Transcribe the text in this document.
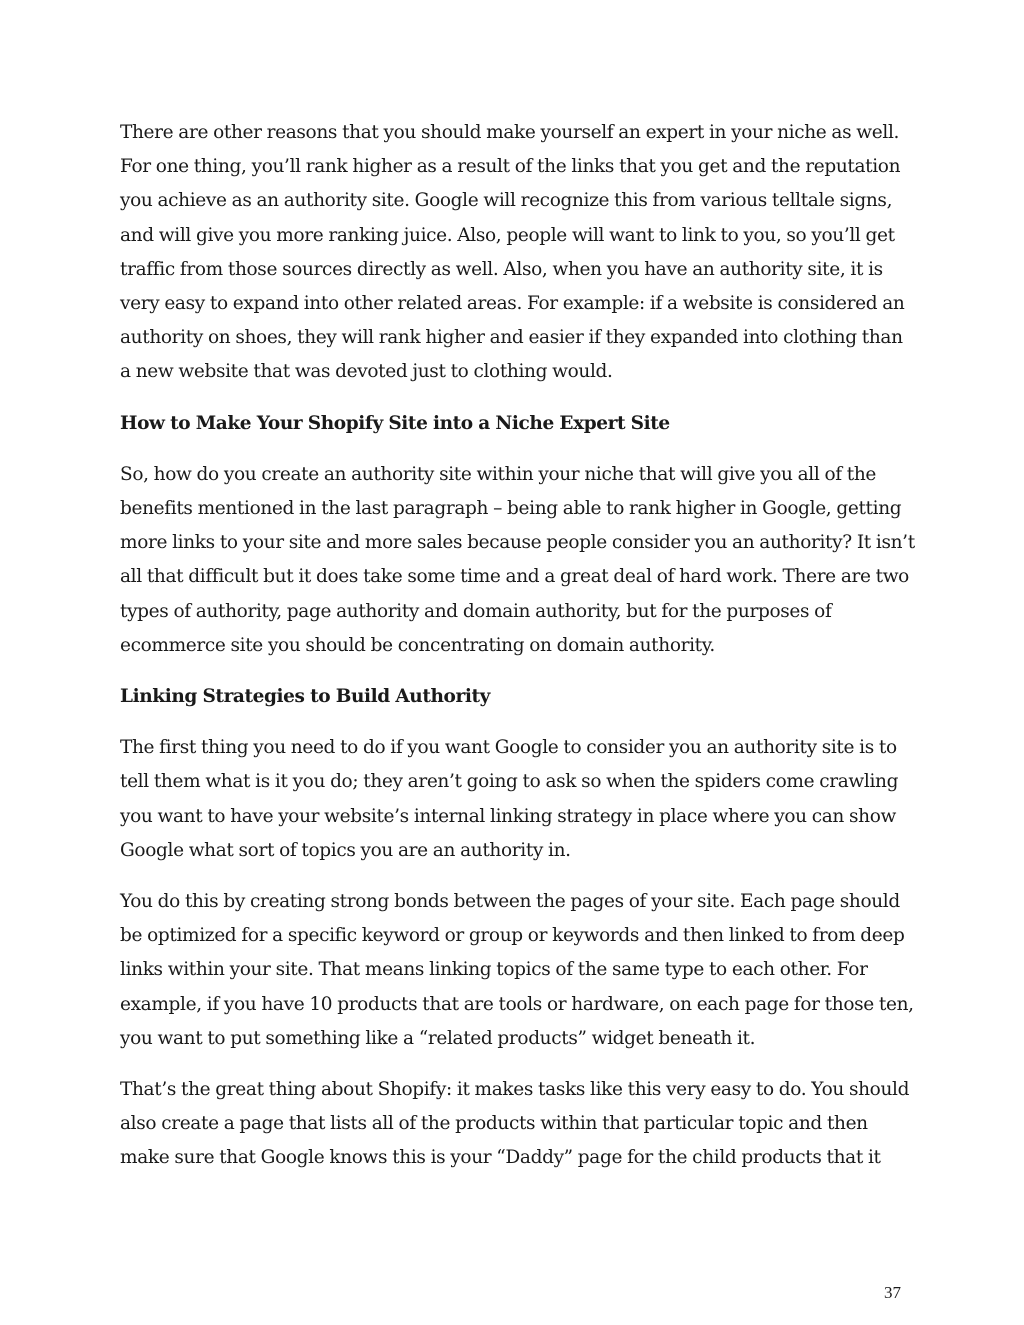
There are other reasons that you should make yourself an expert in your niche as well.
For one thing, you’ll rank higher as a result of the links that you get and the reputation
you achieve as an authority site. Google will recognize this from various telltale signs,
and will give you more ranking juice. Also, people will want to link to you, so you’ll get
traffic from those sources directly as well. Also, when you have an authority site, it is
very easy to expand into other related areas. For example: if a website is considered an
authority on shoes, they will rank higher and easier if they expanded into clothing than
a new website that was devoted just to clothing would.
How to Make Your Shopify Site into a Niche Expert Site
So, how do you create an authority site within your niche that will give you all of the
benefits mentioned in the last paragraph – being able to rank higher in Google, getting
more links to your site and more sales because people consider you an authority? It isn’t
all that difficult but it does take some time and a great deal of hard work. There are two
types of authority, page authority and domain authority, but for the purposes of
ecommerce site you should be concentrating on domain authority.
Linking Strategies to Build Authority
The first thing you need to do if you want Google to consider you an authority site is to
tell them what is it you do; they aren’t going to ask so when the spiders come crawling
you want to have your website’s internal linking strategy in place where you can show
Google what sort of topics you are an authority in.
You do this by creating strong bonds between the pages of your site. Each page should
be optimized for a specific keyword or group or keywords and then linked to from deep
links within your site. That means linking topics of the same type to each other. For
example, if you have 10 products that are tools or hardware, on each page for those ten,
you want to put something like a “related products” widget beneath it.
That’s the great thing about Shopify: it makes tasks like this very easy to do. You should
also create a page that lists all of the products within that particular topic and then
make sure that Google knows this is your “Daddy” page for the child products that it
37
